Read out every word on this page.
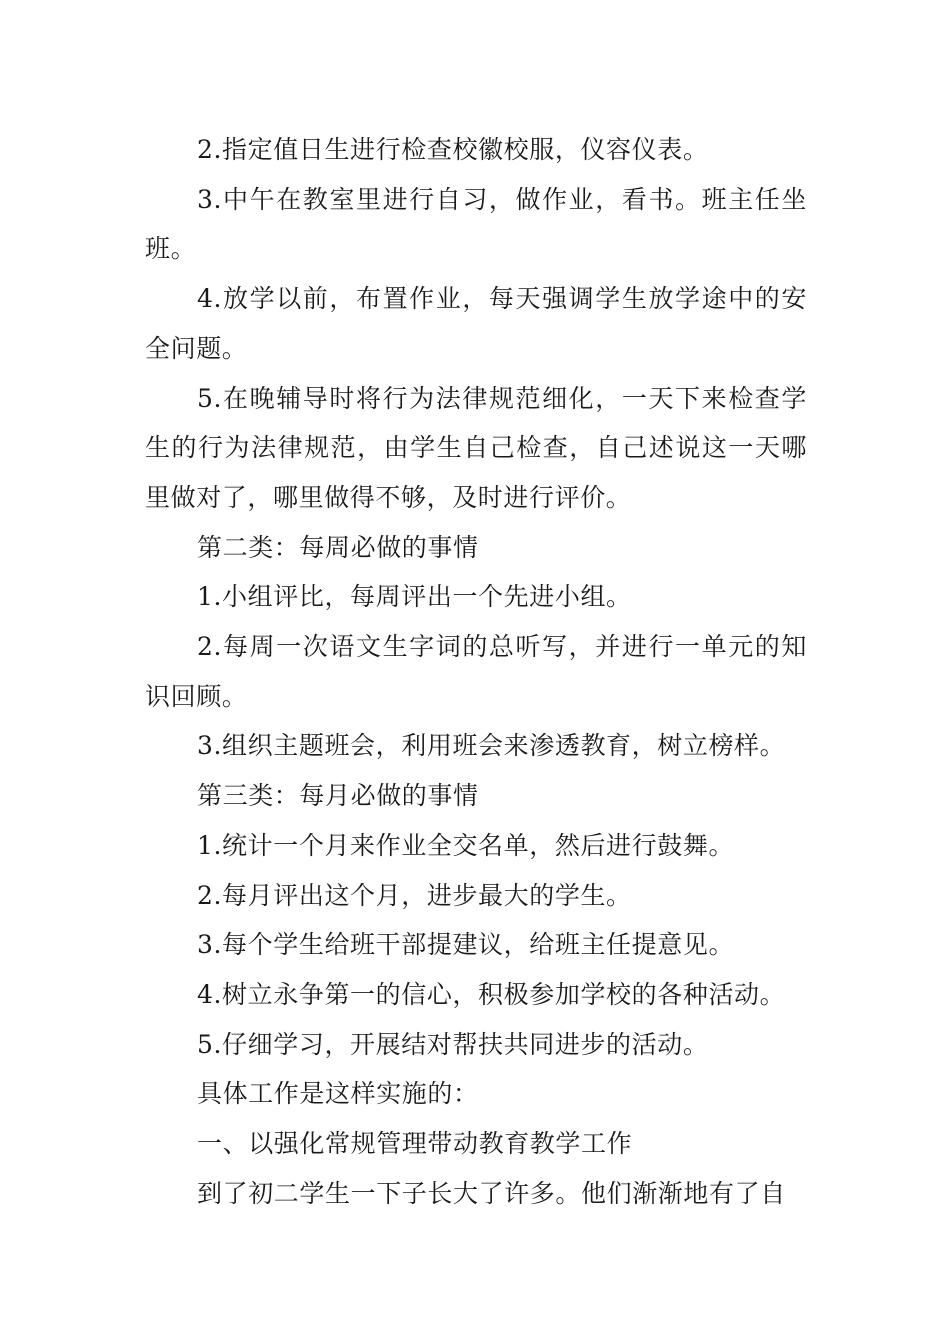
2.指定值日生进行检查校徽校服，仪容仪表。

3.中午在教室里进行自习，做作业，看书。班主任坐班。

4.放学以前，布置作业，每天强调学生放学途中的安全问题。

5.在晚辅导时将行为法律规范细化，一天下来检查学生的行为法律规范，由学生自己检查，自己述说这一天哪里做对了，哪里做得不够，及时进行评价。

第二类：每周必做的事情

1.小组评比，每周评出一个先进小组。

2.每周一次语文生字词的总听写，并进行一单元的知识回顾。

3.组织主题班会，利用班会来渗透教育，树立榜样。

第三类：每月必做的事情

1.统计一个月来作业全交名单，然后进行鼓舞。

2.每月评出这个月，进步最大的学生。

3.每个学生给班干部提建议，给班主任提意见。

4.树立永争第一的信心，积极参加学校的各种活动。

5.仔细学习，开展结对帮扶共同进步的活动。

具体工作是这样实施的：

一、以强化常规管理带动教育教学工作

到了初二学生一下子长大了许多。他们渐渐地有了自
